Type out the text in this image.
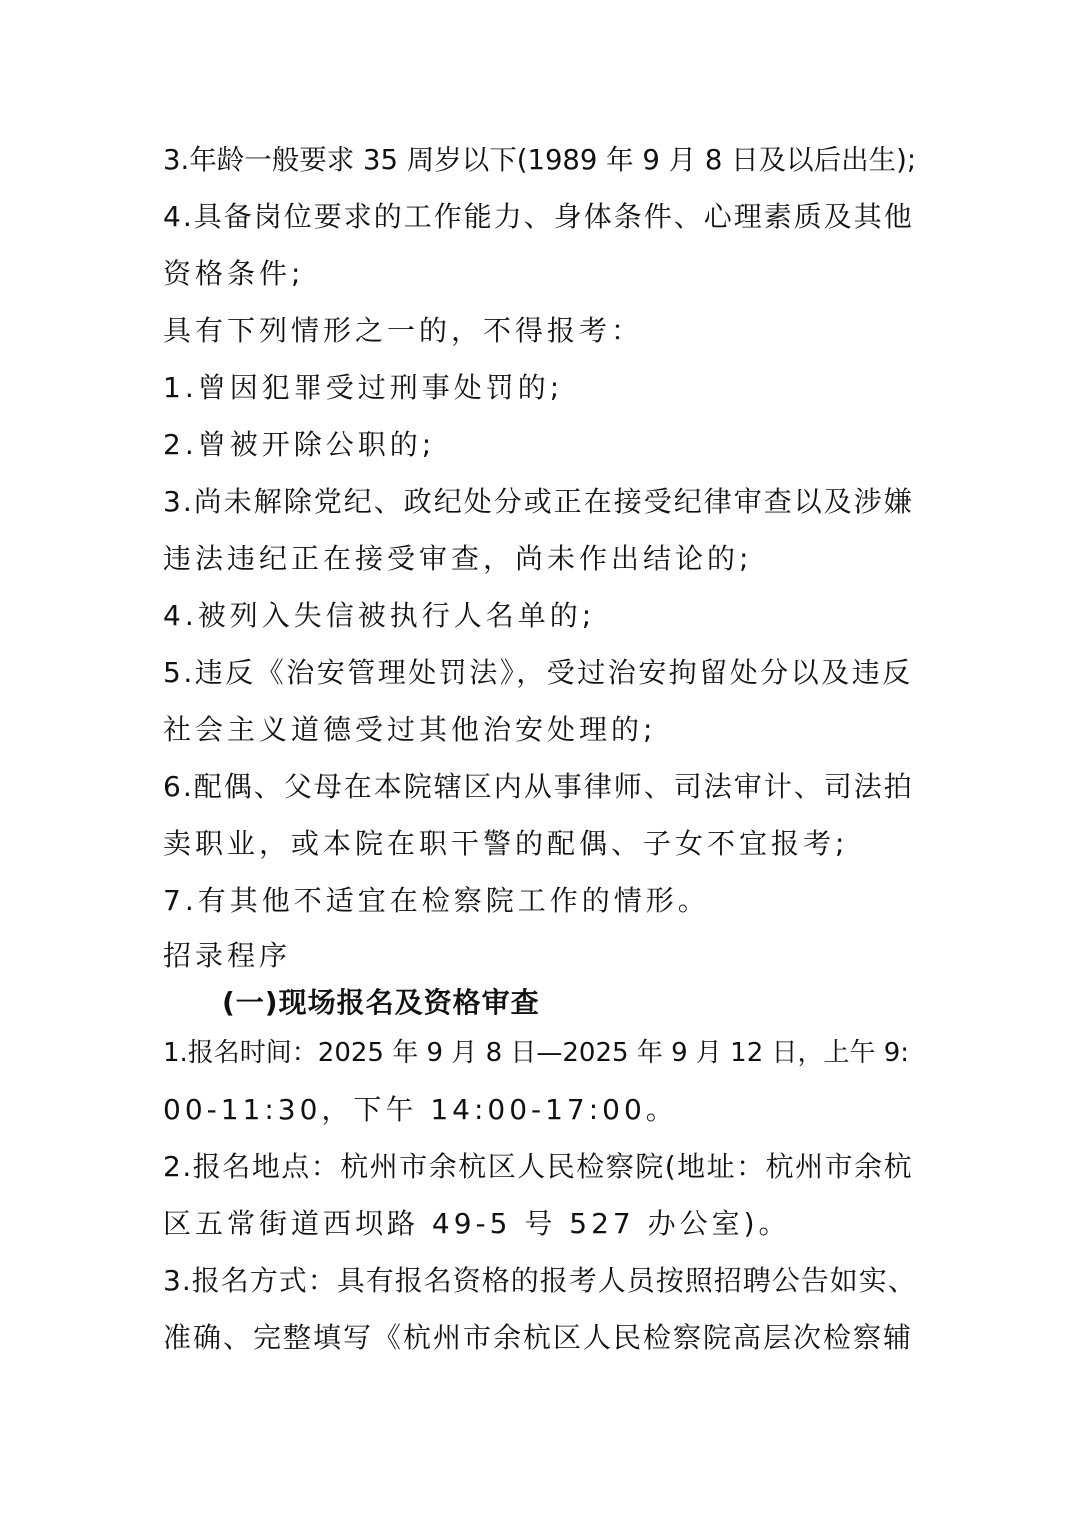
3.年龄一般要求 35 周岁以下(1989 年 9 月 8 日及以后出生);
4.具备岗位要求的工作能力、身体条件、心理素质及其他
资格条件;
具有下列情形之一的，不得报考：
1.曾因犯罪受过刑事处罚的;
2.曾被开除公职的;
3.尚未解除党纪、政纪处分或正在接受纪律审查以及涉嫌
违法违纪正在接受审查，尚未作出结论的;
4.被列入失信被执行人名单的;
5.违反《治安管理处罚法》，受过治安拘留处分以及违反
社会主义道德受过其他治安处理的;
6.配偶、父母在本院辖区内从事律师、司法审计、司法拍
卖职业，或本院在职干警的配偶、子女不宜报考;
7.有其他不适宜在检察院工作的情形。
招录程序
(一)现场报名及资格审查
1.报名时间：2025 年 9 月 8 日—2025 年 9 月 12 日，上午 9:
00-11:30，下午 14:00-17:00。
2.报名地点：杭州市余杭区人民检察院(地址：杭州市余杭
区五常街道西坝路 49-5 号 527 办公室)。
3.报名方式：具有报名资格的报考人员按照招聘公告如实、
准确、完整填写《杭州市余杭区人民检察院高层次检察辅
